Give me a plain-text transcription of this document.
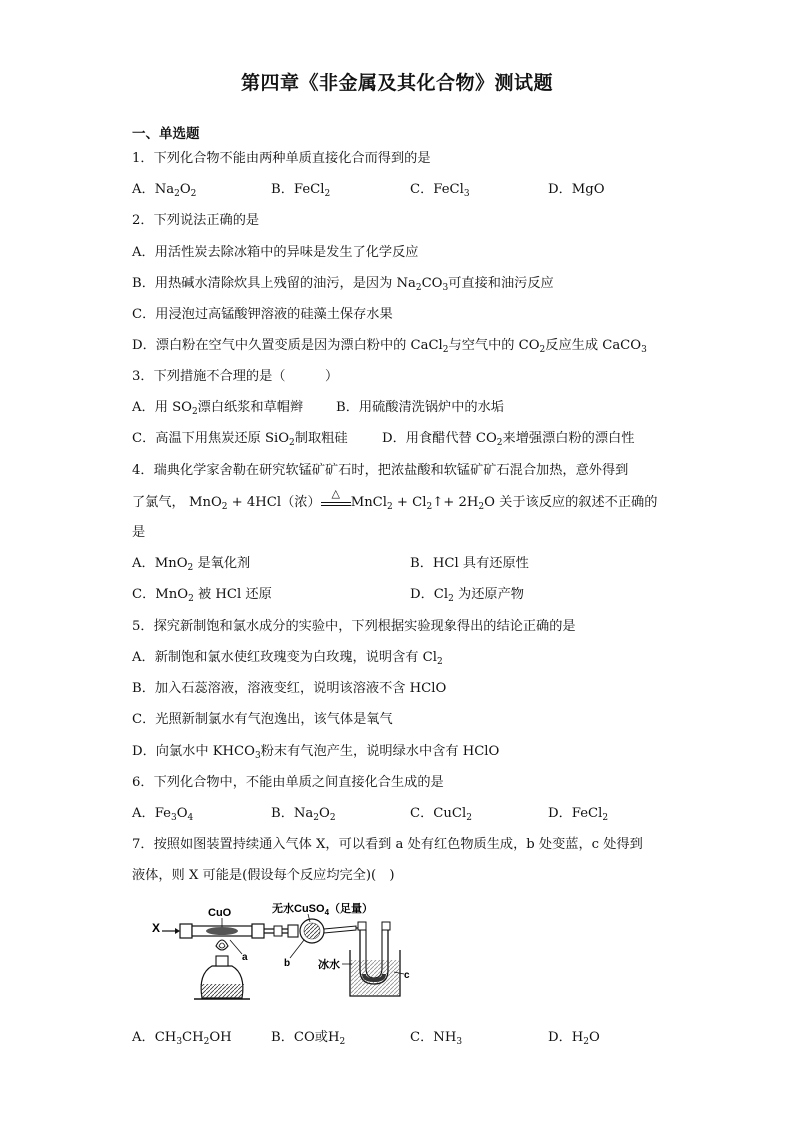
第四章《非金属及其化合物》测试题
一、单选题
1．下列化合物不能由两种单质直接化合而得到的是
A．$Na_2O_2$	B．FeCl$_2$	C．FeCl$_3$	D．MgO
2．下列说法正确的是
A．用活性炭去除冰箱中的异味是发生了化学反应
B．用热碱水清除炊具上残留的油污，是因为 $Na_2CO_3$可直接和油污反应
C．用浸泡过高锰酸钾溶液的硅藻土保存水果
D．漂白粉在空气中久置变质是因为漂白粉中的 CaCl$_2$与空气中的 $CO_2$反应生成 CaCO$_3$
3．下列措施不合理的是（　　　）
A．用 $SO_2$漂白纸浆和草帽辫 B．用硫酸清洗锅炉中的水垢
C．高温下用焦炭还原 SiO$_2$制取粗硅	D．用食醋代替 $CO_2$来增强漂白粉的漂白性
4．瑞典化学家舍勒在研究软锰矿矿石时，把浓盐酸和软锰矿矿石混合加热，意外得到
了氯气， MnO$_2$ + 4HCl（浓）
△
MnCl$_2$ + $Cl_2↑+ 2H_2O$ 关于该反应的叙述不正确的
是
A．MnO$_2$ 是氧化剂	B．HCl 具有还原性
C．MnO$_2$ 被 HCl 还原	D．$Cl_2$ 为还原产物
5．探究新制饱和氯水成分的实验中，下列根据实验现象得出的结论正确的是
A．新制饱和氯水使红玫瑰变为白玫瑰，说明含有 $Cl_2$
B．加入石蕊溶液，溶液变红，说明该溶液不含 HClO
C．光照新制氯水有气泡逸出，该气体是氧气
D．向氯水中 $KHCO_3$粉末有气泡产生，说明绿水中含有 HClO
6．下列化合物中，不能由单质之间直接化合生成的是
A．$Fe_3O_4$	B．$Na_2O_2$	C．CuCl$_2$	D．FeCl$_2$
7．按照如图装置持续通入气体 X，可以看到 a 处有红色物质生成，b 处变蓝，c 处得到
液体，则 X 可能是(假设每个反应均完全)(　)
X
CuO
a
无水CuSO$_4$（足量）
b	冰水
c
A．$CH_3CH_2OH$	B．CO或$H_2$	C．$NH_3$	D．$H_2O$
